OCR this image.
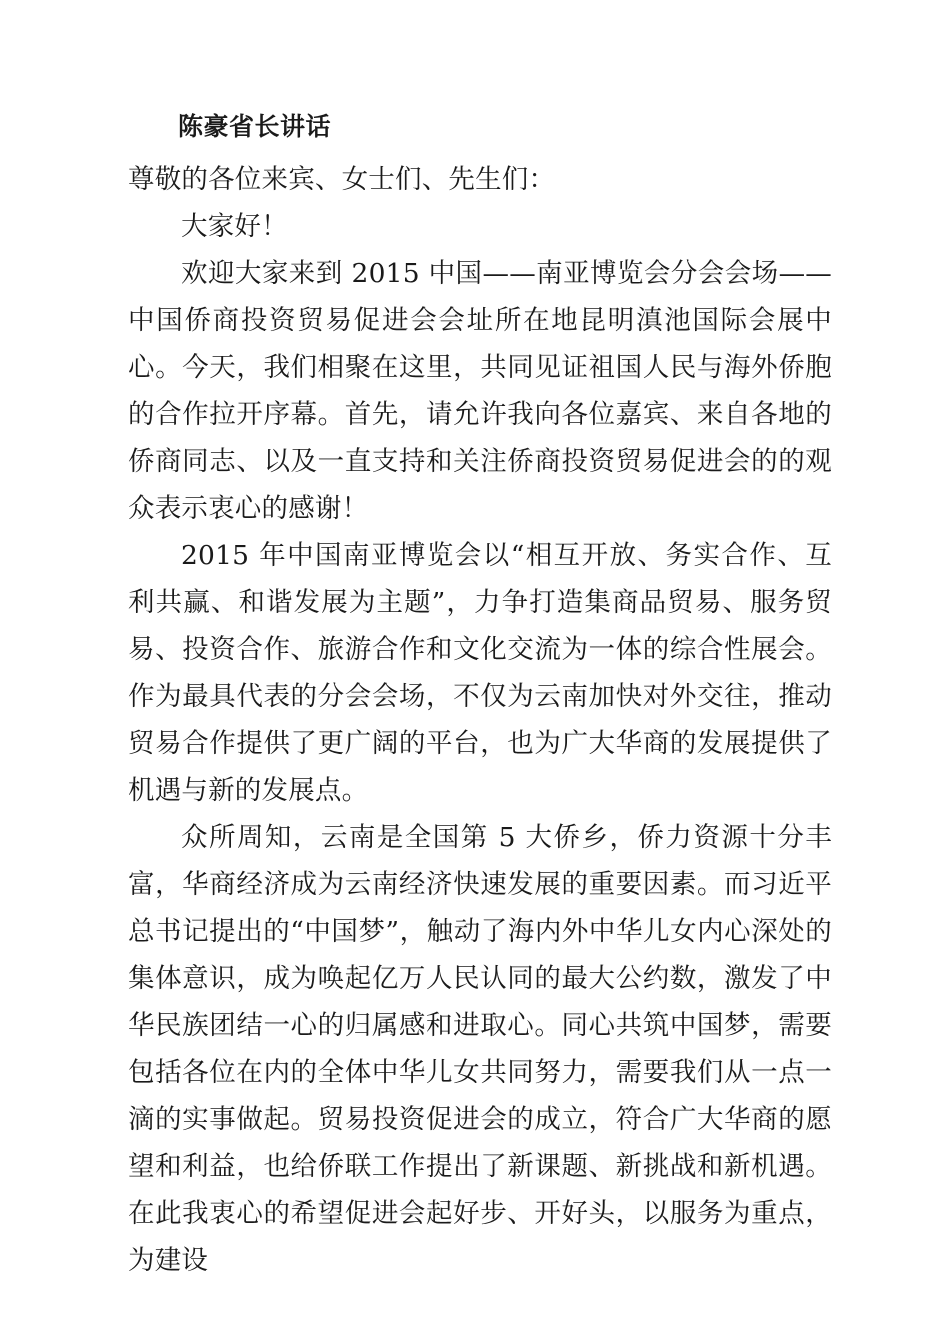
陈豪省长讲话

尊敬的各位来宾、女士们、先生们：

大家好！

欢迎大家来到 2015 中国——南亚博览会分会会场——中国侨商投资贸易促进会会址所在地昆明滇池国际会展中心。今天，我们相聚在这里，共同见证祖国人民与海外侨胞的合作拉开序幕。首先，请允许我向各位嘉宾、来自各地的侨商同志、以及一直支持和关注侨商投资贸易促进会的的观众表示衷心的感谢！

2015 年中国南亚博览会以“相互开放、务实合作、互利共赢、和谐发展为主题”，力争打造集商品贸易、服务贸易、投资合作、旅游合作和文化交流为一体的综合性展会。作为最具代表的分会会场，不仅为云南加快对外交往，推动贸易合作提供了更广阔的平台，也为广大华商的发展提供了机遇与新的发展点。

众所周知，云南是全国第 5 大侨乡，侨力资源十分丰富，华商经济成为云南经济快速发展的重要因素。而习近平总书记提出的“中国梦”，触动了海内外中华儿女内心深处的集体意识，成为唤起亿万人民认同的最大公约数，激发了中华民族团结一心的归属感和进取心。同心共筑中国梦，需要包括各位在内的全体中华儿女共同努力，需要我们从一点一滴的实事做起。贸易投资促进会的成立，符合广大华商的愿望和利益，也给侨联工作提出了新课题、新挑战和新机遇。在此我衷心的希望促进会起好步、开好头，以服务为重点，为建设
